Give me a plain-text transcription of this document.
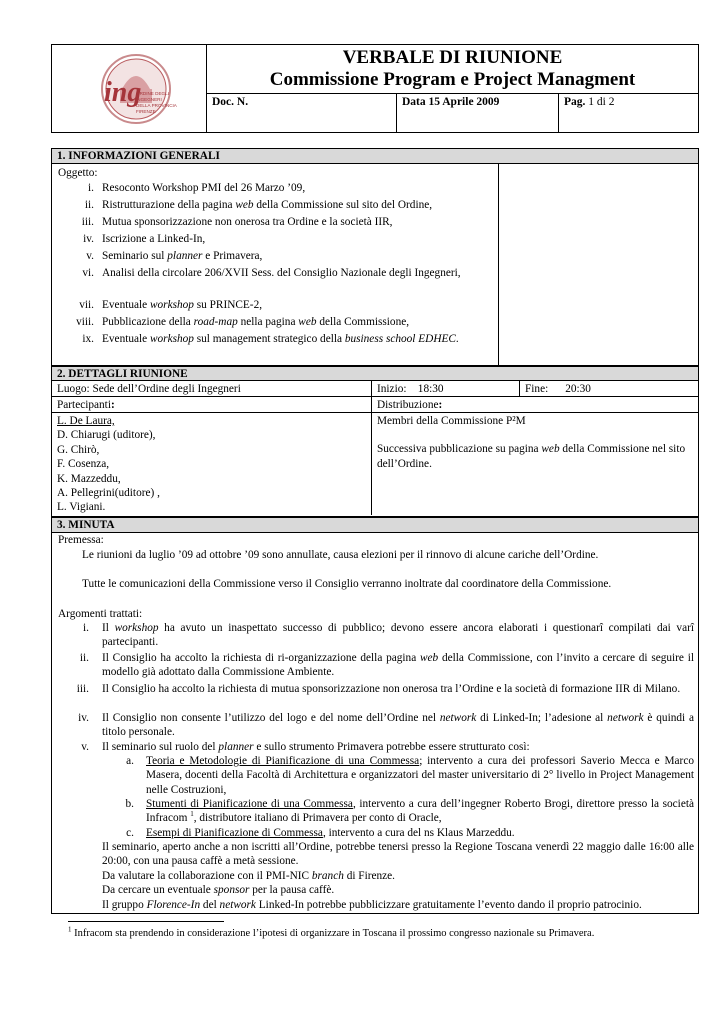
ing
ORDINE DEGLI
INGEGNERI
DELLA PROVINCIA
FIRENZE
VERBALE DI RIUNIONE
Commissione Program e Project Managment
Doc. N.	Data 15 Aprile 2009	Pag. 1 di 2
1. INFORMAZIONI GENERALI
Oggetto:
i. Resoconto Workshop PMI del 26 Marzo ’09,
ii. Ristrutturazione della pagina web della Commissione sul sito del Ordine,
iii. Mutua sponsorizzazione non onerosa tra Ordine e la società IIR,
iv. Iscrizione a Linked-In,
v. Seminario sul planner e Primavera,
vi. Analisi della circolare 206/XVII Sess. del Consiglio Nazionale degli Ingegneri,
vii. Eventuale workshop su PRINCE-2,
viii. Pubblicazione della road-map nella pagina web della Commissione,
ix. Eventuale workshop sul management strategico della business school EDHEC.
2. DETTAGLI RIUNIONE
Luogo: Sede dell’Ordine degli Ingegneri	Inizio: 18:30	Fine: 20:30
Partecipanti:	Distribuzione:
L. De Laura,
D. Chiarugi (uditore),
G. Chirò,
F. Cosenza,
K. Mazzeddu,
A. Pellegrini(uditore) ,
L. Vigiani.
Membri della Commissione P²M
Successiva pubblicazione su pagina web della Commissione nel sito dell’Ordine.
3. MINUTA
Premessa:
Le riunioni da luglio ’09 ad ottobre ’09 sono annullate, causa elezioni per il rinnovo di alcune cariche dell’Ordine.
Tutte le comunicazioni della Commissione verso il Consiglio verranno inoltrate dal coordinatore della Commissione.
Argomenti trattati:
i. Il workshop ha avuto un inaspettato successo di pubblico; devono essere ancora elaborati i questionarî compilati dai varî partecipanti.
ii. Il Consiglio ha accolto la richiesta di ri-organizzazione della pagina web della Commissione, con l’invito a cercare di seguire il modello già adottato dalla Commissione Ambiente.
iii. Il Consiglio ha accolto la richiesta di mutua sponsorizzazione non onerosa tra l’Ordine e la società di formazione IIR di Milano.
iv. Il Consiglio non consente l’utilizzo del logo e del nome dell’Ordine nel network di Linked-In; l’adesione al network è quindi a titolo personale.
v. Il seminario sul ruolo del planner e sullo strumento Primavera potrebbe essere strutturato così:
a. Teoria e Metodologie di Pianificazione di una Commessa; intervento a cura dei professori Saverio Mecca e Marco Masera, docenti della Facoltà di Architettura e organizzatori del master universitario di 2° livello in Project Management nelle Costruzioni,
b. Stumenti di Pianificazione di una Commessa, intervento a cura dell’ingegner Roberto Brogi, direttore presso la società Infracom $^1$, distributore italiano di Primavera per conto di Oracle,
c. Esempi di Pianificazione di Commessa, intervento a cura del ns Klaus Marzeddu.
Il seminario, aperto anche a non iscritti all’Ordine, potrebbe tenersi presso la Regione Toscana venerdì 22 maggio dalle 16:00 alle 20:00, con una pausa caffè a metà sessione.
Da valutare la collaborazione con il PMI-NIC branch di Firenze.
Da cercare un eventuale sponsor per la pausa caffè.
Il gruppo Florence-In del network Linked-In potrebbe pubblicizzare gratuitamente l’evento dando il proprio patrocinio.
$^1$ Infracom sta prendendo in considerazione l’ipotesi di organizzare in Toscana il prossimo congresso nazionale su Primavera.
